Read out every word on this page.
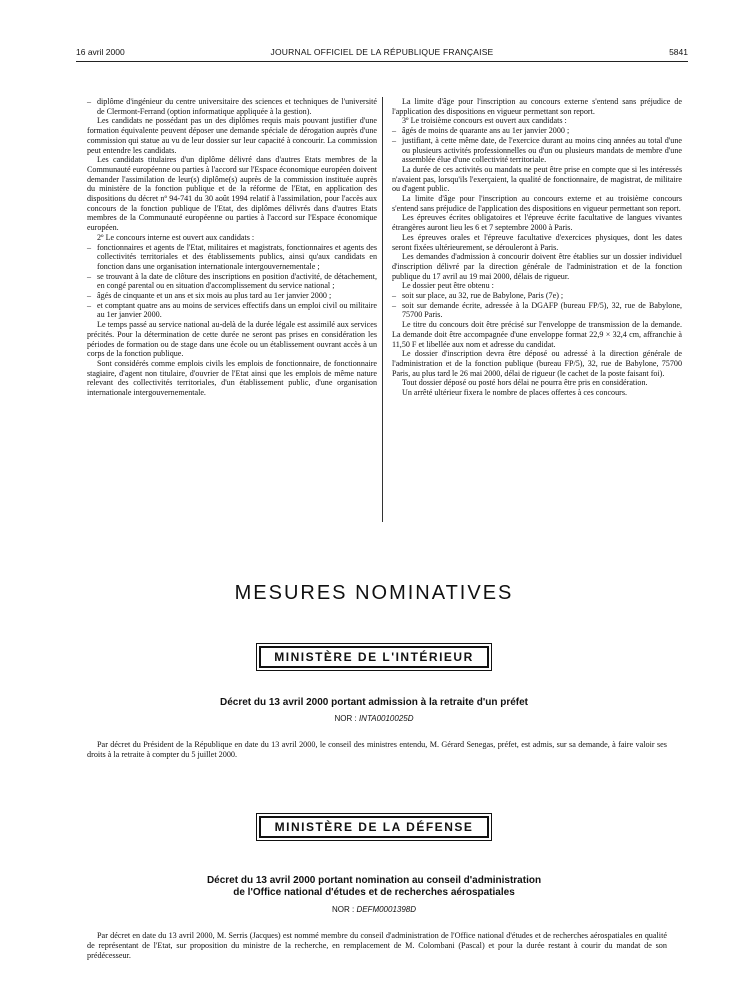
16 avril 2000	JOURNAL OFFICIEL DE LA RÉPUBLIQUE FRANÇAISE	5841

– diplôme d'ingénieur du centre universitaire des sciences et techniques de l'université de Clermont-Ferrand (option informatique appliquée à la gestion).

Les candidats ne possédant pas un des diplômes requis mais pouvant justifier d'une formation équivalente peuvent déposer une demande spéciale de dérogation auprès d'une commission qui statue au vu de leur dossier sur leur capacité à concourir. La commission peut entendre les candidats.

Les candidats titulaires d'un diplôme délivré dans d'autres Etats membres de la Communauté européenne ou parties à l'accord sur l'Espace économique européen doivent demander l'assimilation de leur(s) diplôme(s) auprès de la commission instituée auprès du ministère de la fonction publique et de la réforme de l'Etat, en application des dispositions du décret nº 94-741 du 30 août 1994 relatif à l'assimilation, pour l'accès aux concours de la fonction publique de l'Etat, des diplômes délivrés dans d'autres Etats membres de la Communauté européenne ou parties à l'accord sur l'Espace économique européen.

2º Le concours interne est ouvert aux candidats :

– fonctionnaires et agents de l'Etat, militaires et magistrats, fonctionnaires et agents des collectivités territoriales et des établissements publics, ainsi qu'aux candidats en fonction dans une organisation internationale intergouvernementale ;

– se trouvant à la date de clôture des inscriptions en position d'activité, de détachement, en congé parental ou en situation d'accomplissement du service national ;

– âgés de cinquante et un ans et six mois au plus tard au 1er janvier 2000 ;

– et comptant quatre ans au moins de services effectifs dans un emploi civil ou militaire au 1er janvier 2000.

Le temps passé au service national au-delà de la durée légale est assimilé aux services précités. Pour la détermination de cette durée ne seront pas prises en considération les périodes de formation ou de stage dans une école ou un établissement ouvrant accès à un corps de la fonction publique.

Sont considérés comme emplois civils les emplois de fonctionnaire, de fonctionnaire stagiaire, d'agent non titulaire, d'ouvrier de l'Etat ainsi que les emplois de même nature relevant des collectivités territoriales, d'un établissement public, d'une organisation internationale intergouvernementale.

La limite d'âge pour l'inscription au concours externe s'entend sans préjudice de l'application des dispositions en vigueur permettant son report.

3º Le troisième concours est ouvert aux candidats :

– âgés de moins de quarante ans au 1er janvier 2000 ;

– justifiant, à cette même date, de l'exercice durant au moins cinq années au total d'une ou plusieurs activités professionnelles ou d'un ou plusieurs mandats de membre d'une assemblée élue d'une collectivité territoriale.

La durée de ces activités ou mandats ne peut être prise en compte que si les intéressés n'avaient pas, lorsqu'ils l'exerçaient, la qualité de fonctionnaire, de magistrat, de militaire ou d'agent public.

La limite d'âge pour l'inscription au concours externe et au troisième concours s'entend sans préjudice de l'application des dispositions en vigueur permettant son report.

Les épreuves écrites obligatoires et l'épreuve écrite facultative de langues vivantes étrangères auront lieu les 6 et 7 septembre 2000 à Paris.

Les épreuves orales et l'épreuve facultative d'exercices physiques, dont les dates seront fixées ultérieurement, se dérouleront à Paris.

Les demandes d'admission à concourir doivent être établies sur un dossier individuel d'inscription délivré par la direction générale de l'administration et de la fonction publique du 17 avril au 19 mai 2000, délais de rigueur.

Le dossier peut être obtenu :

– soit sur place, au 32, rue de Babylone, Paris (7e) ;

– soit sur demande écrite, adressée à la DGAFP (bureau FP/5), 32, rue de Babylone, 75700 Paris.

Le titre du concours doit être précisé sur l'enveloppe de transmission de la demande. La demande doit être accompagnée d'une enveloppe format 22,9 × 32,4 cm, affranchie à 11,50 F et libellée aux nom et adresse du candidat.

Le dossier d'inscription devra être déposé ou adressé à la direction générale de l'administration et de la fonction publique (bureau FP/5), 32, rue de Babylone, 75700 Paris, au plus tard le 26 mai 2000, délai de rigueur (le cachet de la poste faisant foi).

Tout dossier déposé ou posté hors délai ne pourra être pris en considération.

Un arrêté ultérieur fixera le nombre de places offertes à ces concours.

MESURES NOMINATIVES
MINISTÈRE DE L'INTÉRIEUR
Décret du 13 avril 2000 portant admission à la retraite d'un préfet
NOR : INTA0010025D
Par décret du Président de la République en date du 13 avril 2000, le conseil des ministres entendu, M. Gérard Senegas, préfet, est admis, sur sa demande, à faire valoir ses droits à la retraite à compter du 5 juillet 2000.
MINISTÈRE DE LA DÉFENSE
Décret du 13 avril 2000 portant nomination au conseil d'administration
de l'Office national d'études et de recherches aérospatiales
NOR : DEFM0001398D
Par décret en date du 13 avril 2000, M. Serris (Jacques) est nommé membre du conseil d'administration de l'Office national d'études et de recherches aérospatiales en qualité de représentant de l'Etat, sur proposition du ministre de la recherche, en remplacement de M. Colombani (Pascal) et pour la durée restant à courir du mandat de son prédécesseur.
